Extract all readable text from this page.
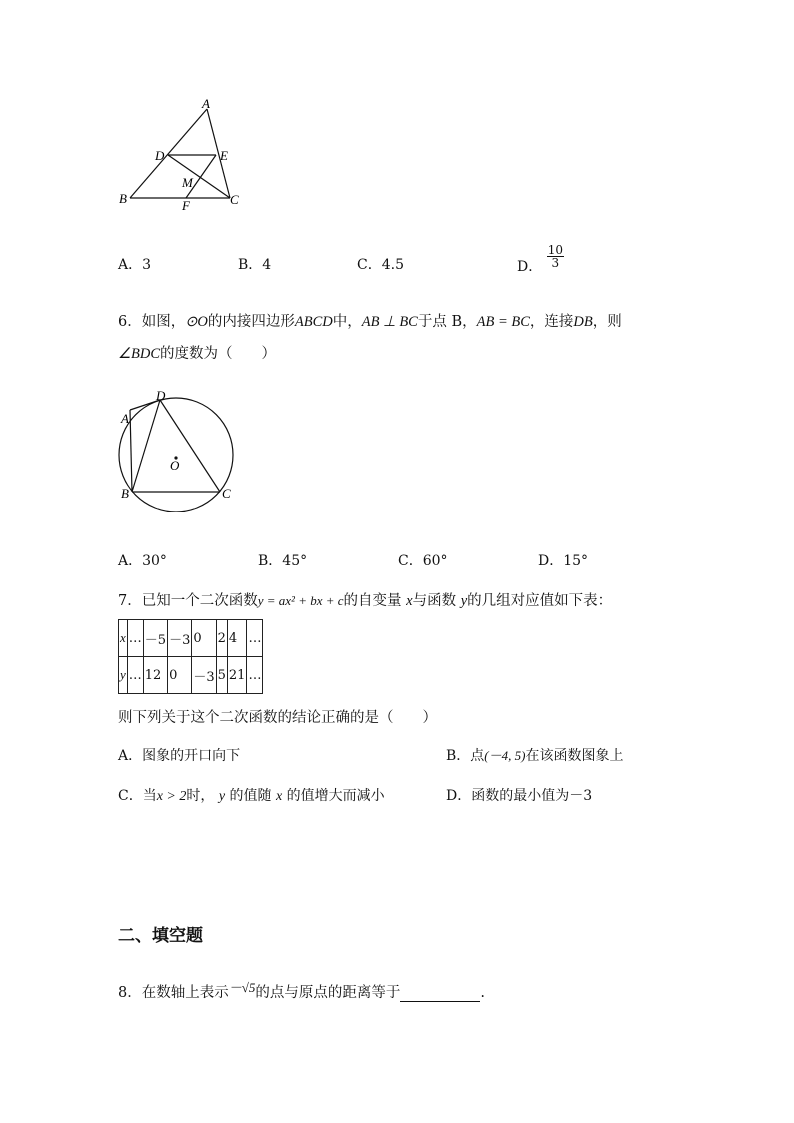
A
D	E
M
B	F	C
A．3	B．4	C．4.5	D． $\frac{10}{3}$
6．如图，⊙O的内接四边形ABCD中，AB ⊥ BC于点 B，AB = BC，连接DB，则
∠BDC的度数为（　　）
A
D
O
B	C
A．30°	B．45°	C．60°	D．15°
7．已知一个二次函数y = ax² + bx + c的自变量 x与函数 y的几组对应值如下表：
x	…	－5	－3	0	2	4	…
y	…	12	0	－3	5	21	…
则下列关于这个二次函数的结论正确的是（　　）
A．图象的开口向下	B．点(－4, 5)在该函数图象上
C．当x > 2时， y 的值随 x 的值增大而减小	D．函数的最小值为－3
二、填空题
8．在数轴上表示－√5的点与原点的距离等于	.
